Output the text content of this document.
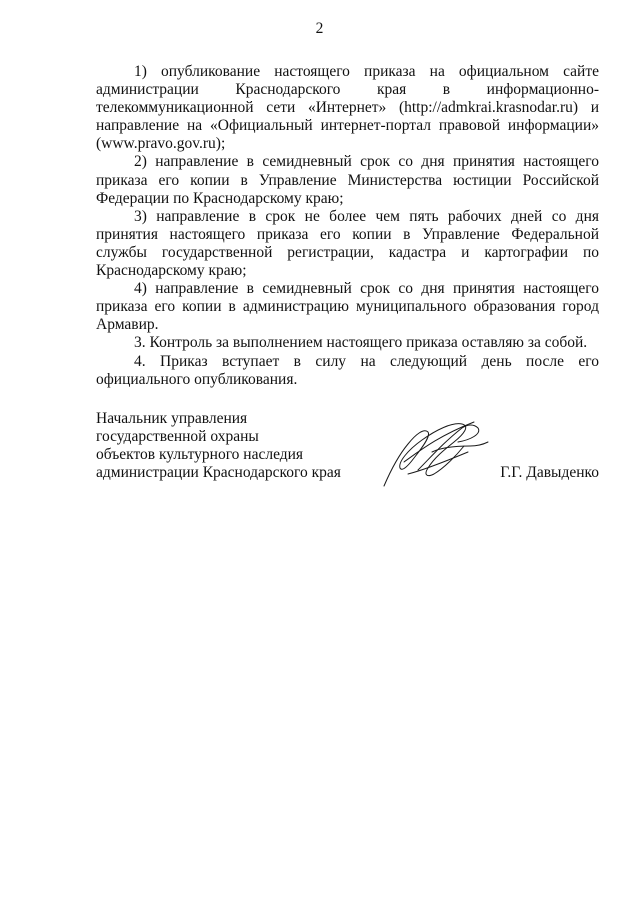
2

1) опубликование настоящего приказа на официальном сайте администрации Краснодарского края в информационно-телекоммуникационной сети «Интернет» (http://admkrai.krasnodar.ru) и направление на «Официальный интернет-портал правовой информации» (www.pravo.gov.ru);

2) направление в семидневный срок со дня принятия настоящего приказа его копии в Управление Министерства юстиции Российской Федерации по Краснодарскому краю;

3) направление в срок не более чем пять рабочих дней со дня принятия настоящего приказа его копии в Управление Федеральной службы государственной регистрации, кадастра и картографии по Краснодарскому краю;

4) направление в семидневный срок со дня принятия настоящего приказа его копии в администрацию муниципального образования город Армавир.

3. Контроль за выполнением настоящего приказа оставляю за собой.

4. Приказ вступает в силу на следующий день после его официального опубликования.

Начальник управления
государственной охраны
объектов культурного наследия
администрации Краснодарского края	Г.Г. Давыденко
